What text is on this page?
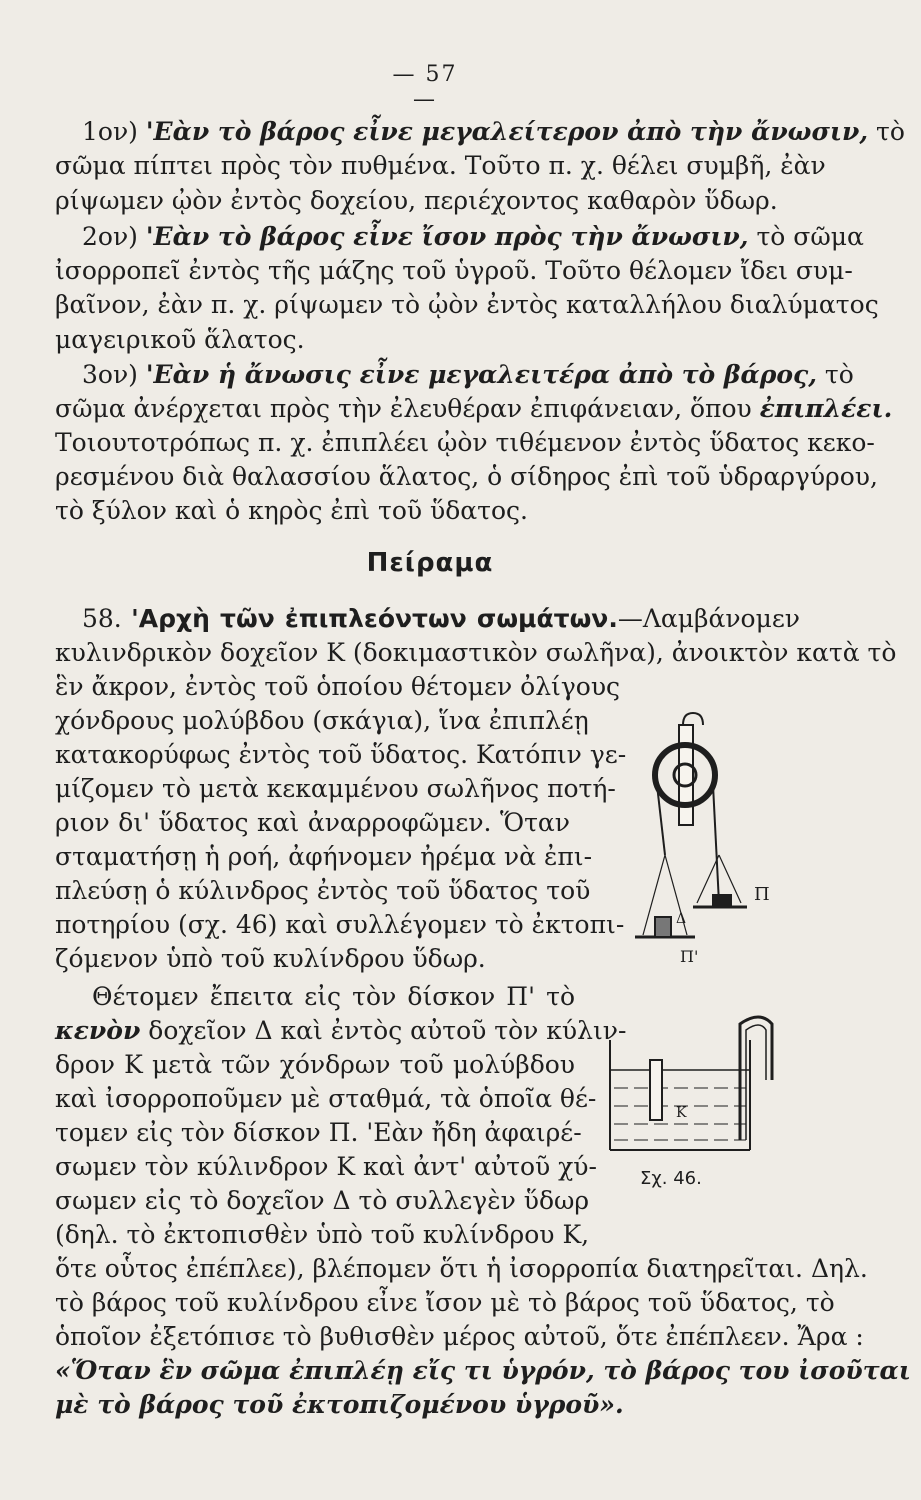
— 57 —
1ον) 'Εὰν τὸ βάρος εἶνε μεγαλείτερον ἀπὸ τὴν ἄνωσιν, τὸ
σῶμα πίπτει πρὸς τὸν πυθμένα. Τοῦτο π. χ. θέλει συμβῆ, ἐὰν
ρίψωμεν ᾠὸν ἐντὸς δοχείου, περιέχοντος καθαρὸν ὕδωρ.
2ον) 'Εὰν τὸ βάρος εἶνε ἴσον πρὸς τὴν ἄνωσιν, τὸ σῶμα
ἰσορροπεῖ ἐντὸς τῆς μάζης τοῦ ὑγροῦ. Τοῦτο θέλομεν ἴδει συμ-
βαῖνον, ἐὰν π. χ. ρίψωμεν τὸ ᾠὸν ἐντὸς καταλλήλου διαλύματος
μαγειρικοῦ ἅλατος.
3ον) 'Εὰν ἡ ἄνωσις εἶνε μεγαλειτέρα ἀπὸ τὸ βάρος, τὸ
σῶμα ἀνέρχεται πρὸς τὴν ἐλευθέραν ἐπιφάνειαν, ὅπου ἐπιπλέει.
Τοιουτοτρόπως π. χ. ἐπιπλέει ᾠὸν τιθέμενον ἐντὸς ὕδατος κεκο-
ρεσμένου διὰ θαλασσίου ἅλατος, ὁ σίδηρος ἐπὶ τοῦ ὑδραργύρου,
τὸ ξύλον καὶ ὁ κηρὸς ἐπὶ τοῦ ὕδατος.
Πείραμα
58. 'Αρχὴ τῶν ἐπιπλεόντων σωμάτων.—Λαμβάνομεν
κυλινδρικὸν δοχεῖον Κ (δοκιμαστικὸν σωλῆνα), ἀνοικτὸν κατὰ τὸ
ἓν ἄκρον, ἐντὸς τοῦ ὁποίου θέτομεν ὀλίγους
χόνδρους μολύβδου (σκάγια), ἵνα ἐπιπλέῃ
κατακορύφως ἐντὸς τοῦ ὕδατος. Κατόπιν γε-
μίζομεν τὸ μετὰ κεκαμμένου σωλῆνος ποτή-
ριον δι' ὕδατος καὶ ἀναρροφῶμεν. Ὅταν
σταματήσῃ ἡ ροή, ἀφήνομεν ἠρέμα νὰ ἐπι-
πλεύσῃ ὁ κύλινδρος ἐντὸς τοῦ ὕδατος τοῦ
ποτηρίου (σχ. 46) καὶ συλλέγομεν τὸ ἐκτοπι-
ζόμενον ὑπὸ τοῦ κυλίνδρου ὕδωρ.
Θέτομεν ἔπειτα εἰς τὸν δίσκον Π' τὸ
κενὸν δοχεῖον Δ καὶ ἐντὸς αὐτοῦ τὸν κύλιν-
δρον Κ μετὰ τῶν χόνδρων τοῦ μολύβδου
καὶ ἰσορροποῦμεν μὲ σταθμά, τὰ ὁποῖα θέ-
τομεν εἰς τὸν δίσκον Π. 'Εὰν ἤδη ἀφαιρέ-
σωμεν τὸν κύλινδρον Κ καὶ ἀντ' αὐτοῦ χύ-
σωμεν εἰς τὸ δοχεῖον Δ τὸ συλλεγὲν ὕδωρ
(δηλ. τὸ ἐκτοπισθὲν ὑπὸ τοῦ κυλίνδρου Κ,
ὅτε οὗτος ἐπέπλεε), βλέπομεν ὅτι ἡ ἰσορροπία διατηρεῖται. Δηλ.
τὸ βάρος τοῦ κυλίνδρου εἶνε ἴσον μὲ τὸ βάρος τοῦ ὕδατος, τὸ
ὁποῖον ἐξετόπισε τὸ βυθισθὲν μέρος αὐτοῦ, ὅτε ἐπέπλεεν. Ἄρα :
«Ὅταν ἓν σῶμα ἐπιπλέῃ εἴς τι ὑγρόν, τὸ βάρος του ἰσοῦται
μὲ τὸ βάρος τοῦ ἐκτοπιζομένου ὑγροῦ».
Π
Π'
Δ
Κ
Σχ. 46.
